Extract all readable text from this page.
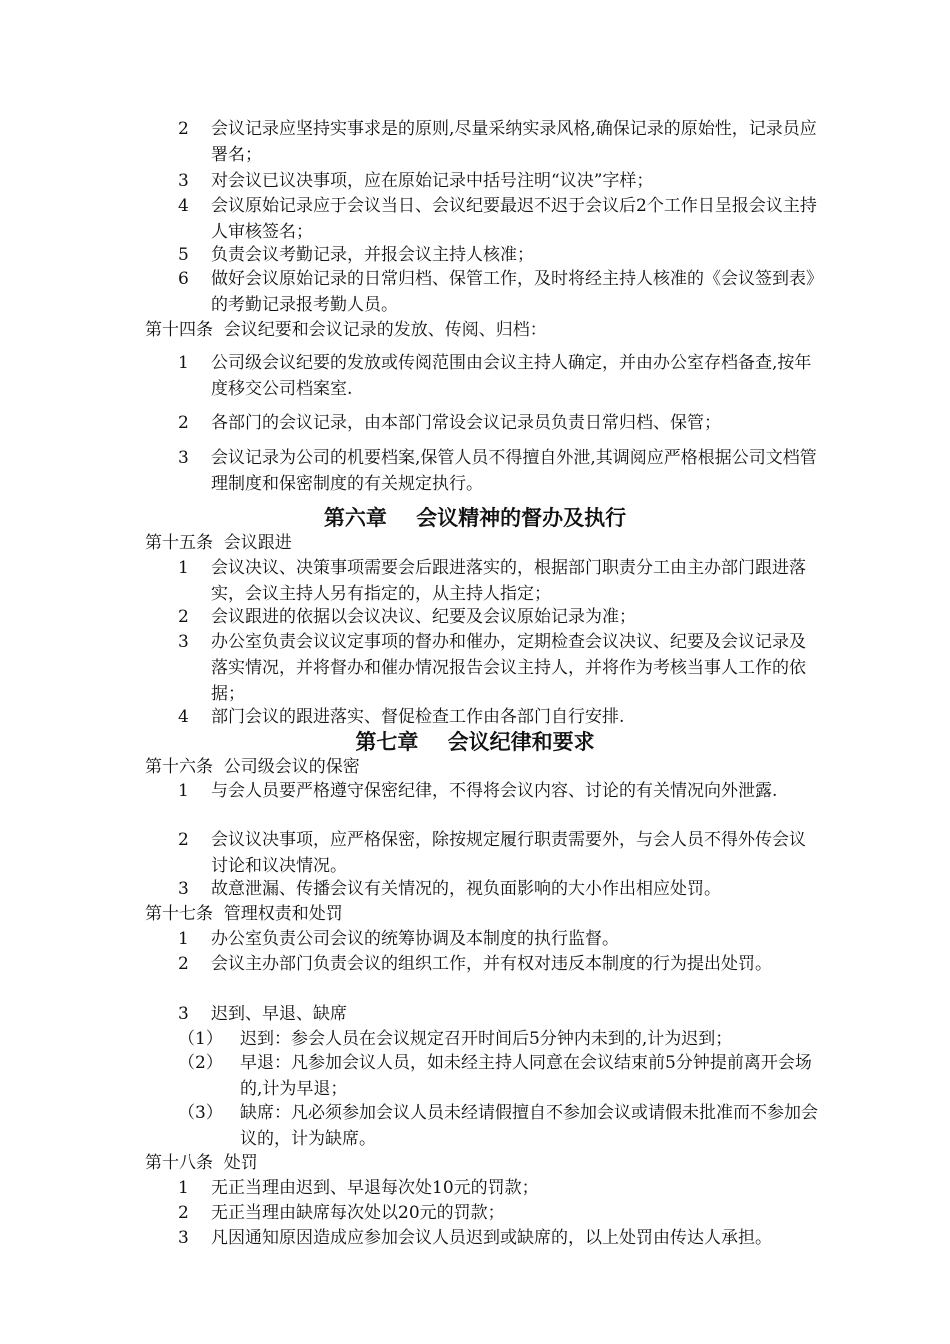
2	会议记录应坚持实事求是的原则,尽量采纳实录风格,确保记录的原始性，记录员应署名；
3	对会议已议决事项，应在原始记录中括号注明“议决”字样；
4	会议原始记录应于会议当日、会议纪要最迟不迟于会议后2个工作日呈报会议主持人审核签名；
5	负责会议考勤记录，并报会议主持人核准；
6	做好会议原始记录的日常归档、保管工作，及时将经主持人核准的《会议签到表》的考勤记录报考勤人员。
第十四条  会议纪要和会议记录的发放、传阅、归档：
1	公司级会议纪要的发放或传阅范围由会议主持人确定，并由办公室存档备查,按年度移交公司档案室.
2	各部门的会议记录，由本部门常设会议记录员负责日常归档、保管；
3	会议记录为公司的机要档案,保管人员不得擅自外泄,其调阅应严格根据公司文档管理制度和保密制度的有关规定执行。
第六章    会议精神的督办及执行
第十五条  会议跟进
1	会议决议、决策事项需要会后跟进落实的，根据部门职责分工由主办部门跟进落实，会议主持人另有指定的，从主持人指定；
2	会议跟进的依据以会议决议、纪要及会议原始记录为准；
3	办公室负责会议议定事项的督办和催办，定期检查会议决议、纪要及会议记录及落实情况，并将督办和催办情况报告会议主持人，并将作为考核当事人工作的依据；
4	部门会议的跟进落实、督促检查工作由各部门自行安排.
第七章    会议纪律和要求
第十六条  公司级会议的保密
1	与会人员要严格遵守保密纪律，不得将会议内容、讨论的有关情况向外泄露.
2	会议议决事项，应严格保密，除按规定履行职责需要外，与会人员不得外传会议讨论和议决情况。
3	故意泄漏、传播会议有关情况的，视负面影响的大小作出相应处罚。
第十七条  管理权责和处罚
1	办公室负责公司会议的统筹协调及本制度的执行监督。
2	会议主办部门负责会议的组织工作，并有权对违反本制度的行为提出处罚。
3	迟到、早退、缺席
（1）	迟到：参会人员在会议规定召开时间后5分钟内未到的,计为迟到；
（2）	早退：凡参加会议人员，如未经主持人同意在会议结束前5分钟提前离开会场的,计为早退；
（3）	缺席：凡必须参加会议人员未经请假擅自不参加会议或请假未批准而不参加会议的，计为缺席。
第十八条  处罚
1	无正当理由迟到、早退每次处10元的罚款；
2	无正当理由缺席每次处以20元的罚款；
3	凡因通知原因造成应参加会议人员迟到或缺席的，以上处罚由传达人承担。
